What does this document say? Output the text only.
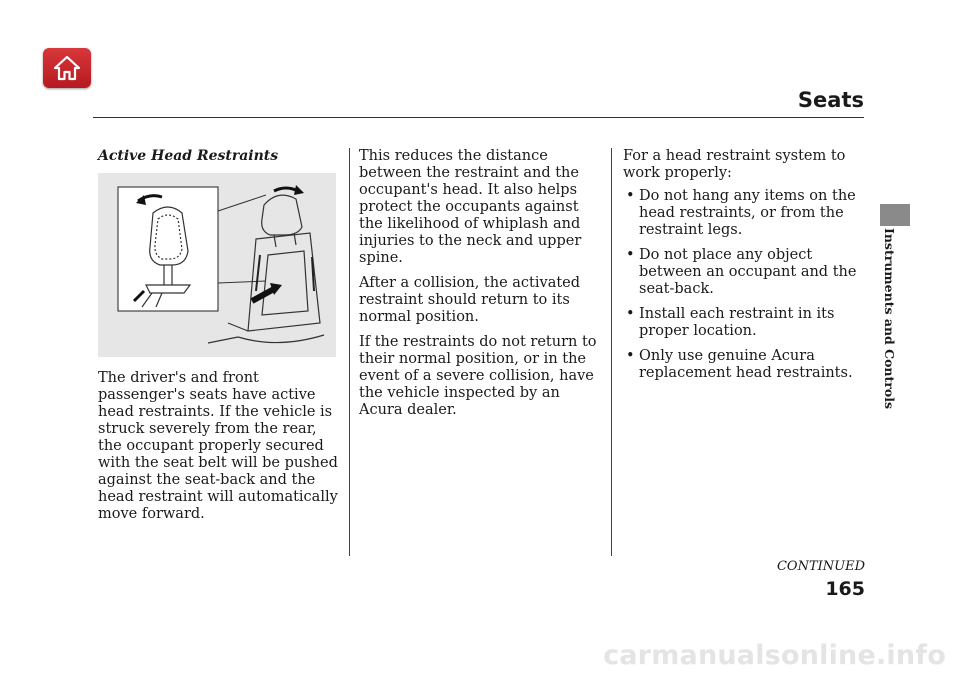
Seats
Instruments and Controls
Active Head Restraints

The driver's and front passenger's seats have active head restraints. If the vehicle is struck severely from the rear, the occupant properly secured with the seat belt will be pushed against the seat-back and the head restraint will automatically move forward.

This reduces the distance between the restraint and the occupant's head. It also helps protect the occupants against the likelihood of whiplash and injuries to the neck and upper spine.

After a collision, the activated restraint should return to its normal position.

If the restraints do not return to their normal position, or in the event of a severe collision, have the vehicle inspected by an Acura dealer.

For a head restraint system to work properly:

• Do not hang any items on the head restraints, or from the restraint legs.
• Do not place any object between an occupant and the seat-back.
• Install each restraint in its proper location.
• Only use genuine Acura replacement head restraints.
CONTINUED
165
carmanualsonline.info
